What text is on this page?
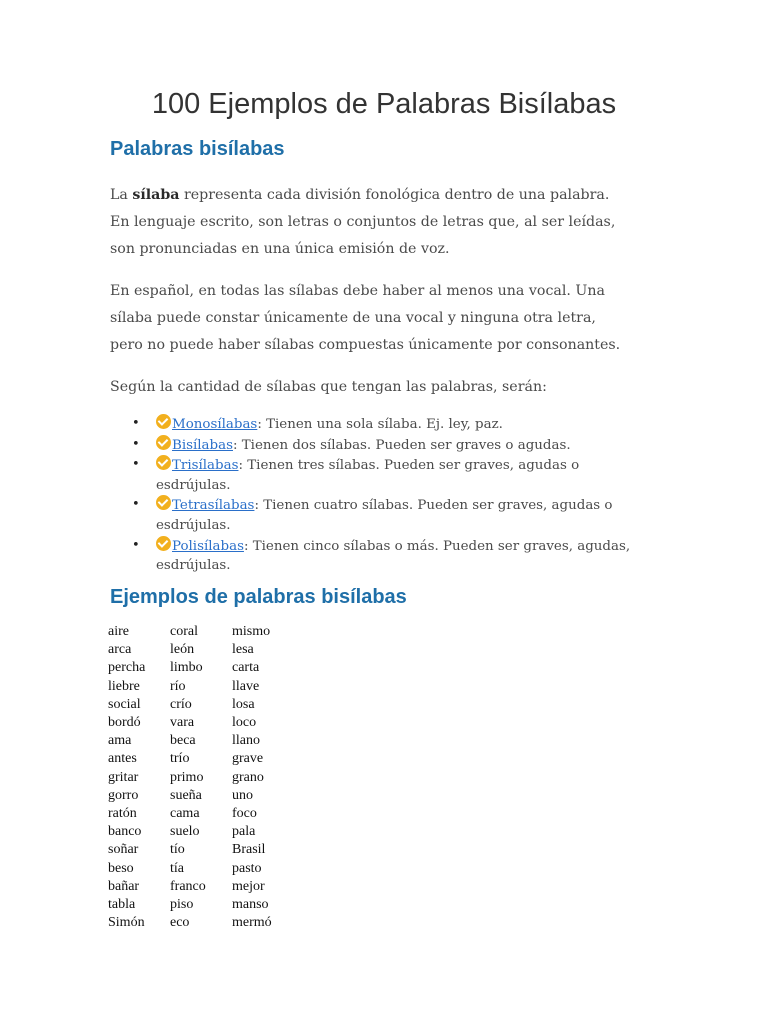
100 Ejemplos de Palabras Bisílabas
Palabras bisílabas

La sílaba representa cada división fonológica dentro de una palabra. En lenguaje escrito, son letras o conjuntos de letras que, al ser leídas, son pronunciadas en una única emisión de voz.

En español, en todas las sílabas debe haber al menos una vocal. Una sílaba puede constar únicamente de una vocal y ninguna otra letra, pero no puede haber sílabas compuestas únicamente por consonantes.

Según la cantidad de sílabas que tengan las palabras, serán:

• Monosílabas: Tienen una sola sílaba. Ej. ley, paz.
• Bisílabas: Tienen dos sílabas. Pueden ser graves o agudas.
• Trisílabas: Tienen tres sílabas. Pueden ser graves, agudas o esdrújulas.
• Tetrasílabas: Tienen cuatro sílabas. Pueden ser graves, agudas o esdrújulas.
• Polisílabas: Tienen cinco sílabas o más. Pueden ser graves, agudas, esdrújulas.
Ejemplos de palabras bisílabas
aire	coral	mismo
arca	león	lesa
percha	limbo	carta
liebre	río	llave
social	crío	losa
bordó	vara	loco
ama	beca	llano
antes	trío	grave
gritar	primo	grano
gorro	sueña	uno
ratón	cama	foco
banco	suelo	pala
soñar	tío	Brasil
beso	tía	pasto
bañar	franco	mejor
tabla	piso	manso
Simón	eco	mermó
